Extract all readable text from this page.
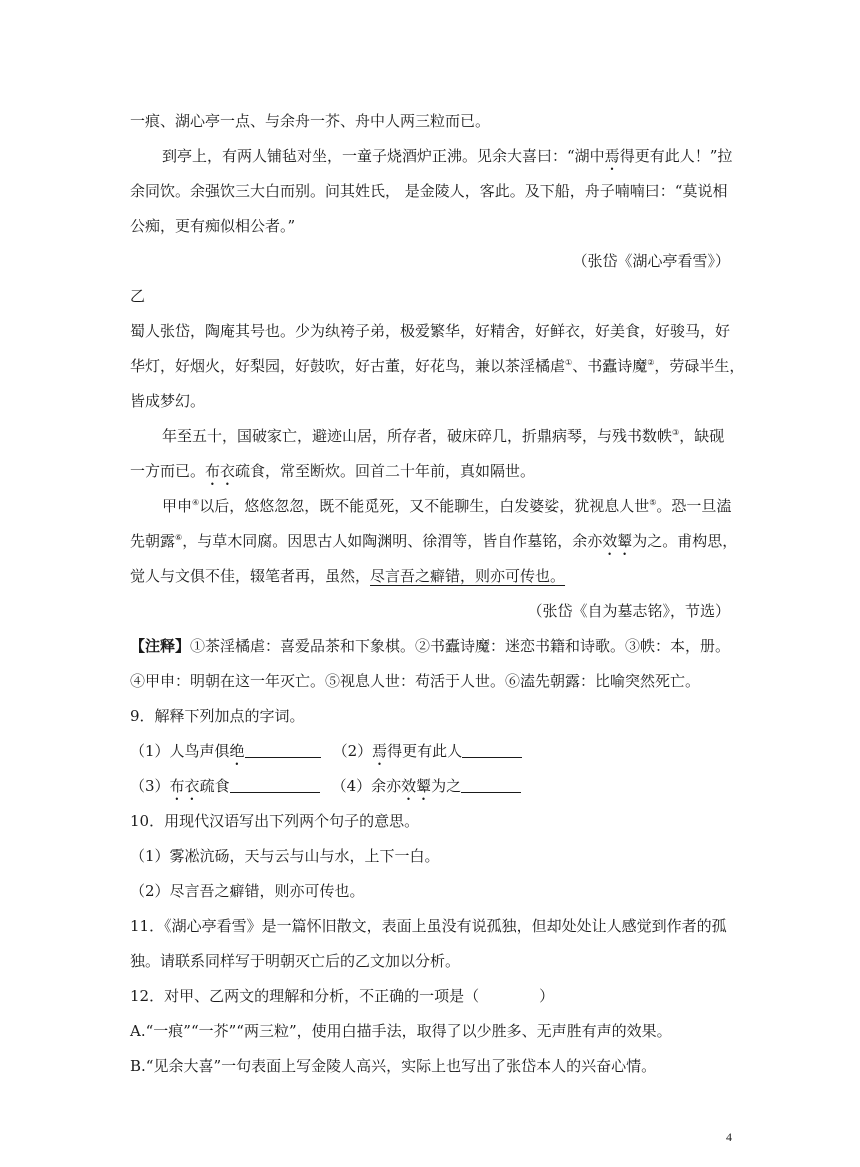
一痕、湖心亭一点、与余舟一芥、舟中人两三粒而已。
到亭上，有两人铺毡对坐，一童子烧酒炉正沸。见余大喜曰：“湖中焉得更有此人！”拉
余同饮。余强饮三大白而别。问其姓氏， 是金陵人，客此。及下船，舟子喃喃曰：“莫说相
公痴，更有痴似相公者。”
（张岱《湖心亭看雪》）
乙
蜀人张岱，陶庵其号也。少为纨袴子弟，极爱繁华，好精舍，好鲜衣，好美食，好骏马，好
华灯，好烟火，好梨园，好鼓吹，好古董，好花鸟，兼以茶淫橘虐①、书蠹诗魔②，劳碌半生，
皆成梦幻。
年至五十，国破家亡，避迹山居，所存者，破床碎几，折鼎病琴，与残书数帙③，缺砚
一方而已。布衣疏食，常至断炊。回首二十年前，真如隔世。
甲申④以后，悠悠忽忽，既不能觅死，又不能聊生，白发婆娑，犹视息人世⑤。恐一旦溘
先朝露⑥，与草木同腐。因思古人如陶渊明、徐渭等，皆自作墓铭，余亦效颦为之。甫构思，
觉人与文俱不佳，辍笔者再，虽然，尽言吾之癖错，则亦可传也。
（张岱《自为墓志铭》，节选）
【注释】①茶淫橘虐：喜爱品茶和下象棋。②书蠹诗魔：迷恋书籍和诗歌。③帙：本，册。
④甲申：明朝在这一年灭亡。⑤视息人世：苟活于人世。⑥溘先朝露：比喻突然死亡。
9．解释下列加点的字词。
（1）人鸟声俱绝	（2）焉得更有此人
（3）布衣疏食	（4）余亦效颦为之
10．用现代汉语写出下列两个句子的意思。
（1）雾凇沆砀，天与云与山与水，上下一白。
（2）尽言吾之癖错，则亦可传也。
11．《湖心亭看雪》是一篇怀旧散文，表面上虽没有说孤独，但却处处让人感觉到作者的孤
独。请联系同样写于明朝灭亡后的乙文加以分析。
12．对甲、乙两文的理解和分析，不正确的一项是（	）
A.“一痕”“一芥”“两三粒”，使用白描手法，取得了以少胜多、无声胜有声的效果。
B.“见余大喜”一句表面上写金陵人高兴，实际上也写出了张岱本人的兴奋心情。
4
